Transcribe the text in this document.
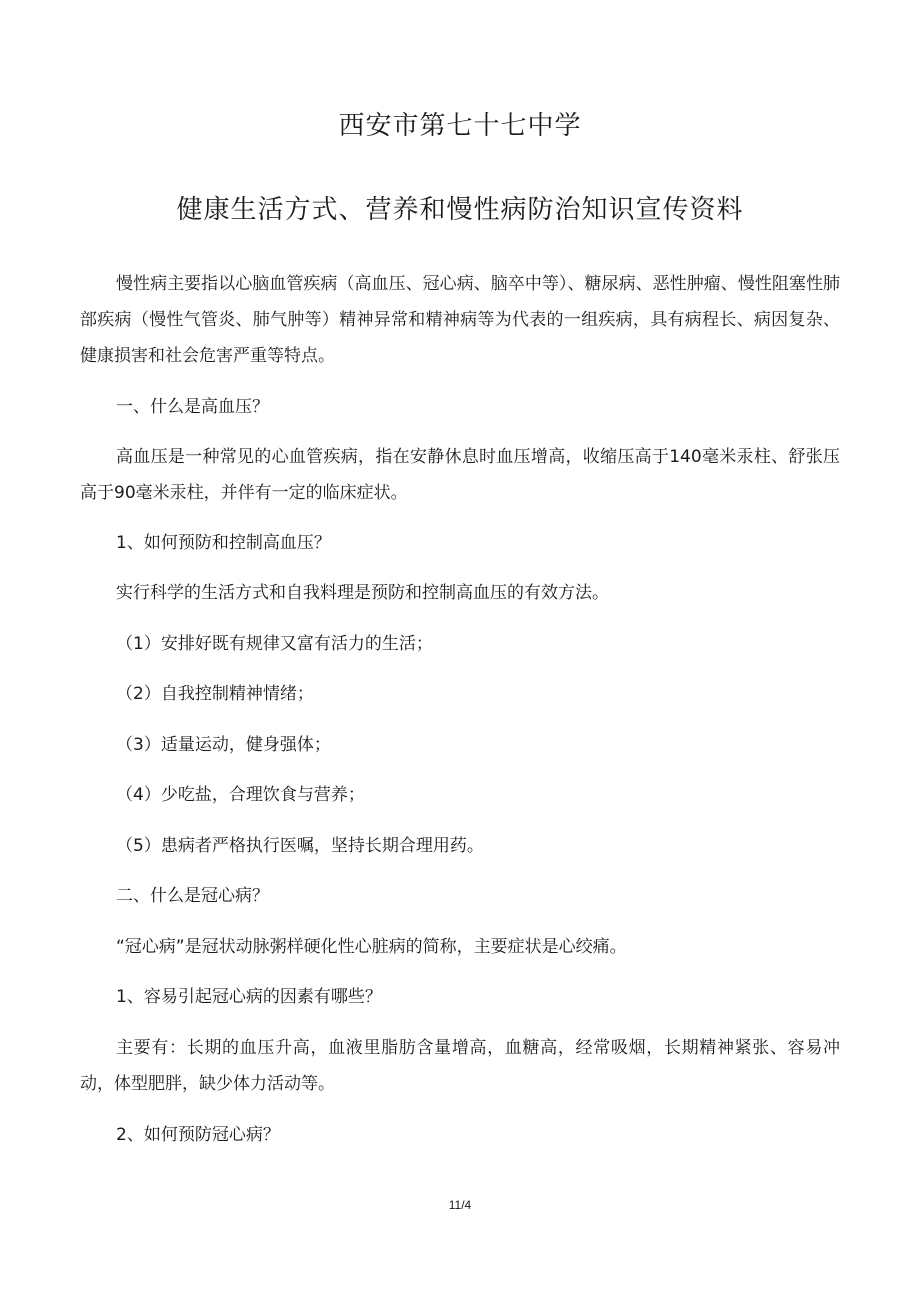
西安市第七十七中学
健康生活方式、营养和慢性病防治知识宣传资料

慢性病主要指以心脑血管疾病（高血压、冠心病、脑卒中等）、糖尿病、恶性肿瘤、慢性阻塞性肺部疾病（慢性气管炎、肺气肿等）精神异常和精神病等为代表的一组疾病，具有病程长、病因复杂、健康损害和社会危害严重等特点。

一、什么是高血压？

高血压是一种常见的心血管疾病，指在安静休息时血压增高，收缩压高于140毫米汞柱、舒张压高于90毫米汞柱，并伴有一定的临床症状。

1、如何预防和控制高血压？

实行科学的生活方式和自我料理是预防和控制高血压的有效方法。

（1）安排好既有规律又富有活力的生活；

（2）自我控制精神情绪；

（3）适量运动，健身强体；

（4）少吃盐，合理饮食与营养；

（5）患病者严格执行医嘱，坚持长期合理用药。

二、什么是冠心病？

“冠心病”是冠状动脉粥样硬化性心脏病的简称，主要症状是心绞痛。

1、容易引起冠心病的因素有哪些？

主要有：长期的血压升高，血液里脂肪含量增高，血糖高，经常吸烟，长期精神紧张、容易冲动，体型肥胖，缺少体力活动等。

2、如何预防冠心病？

11/4
